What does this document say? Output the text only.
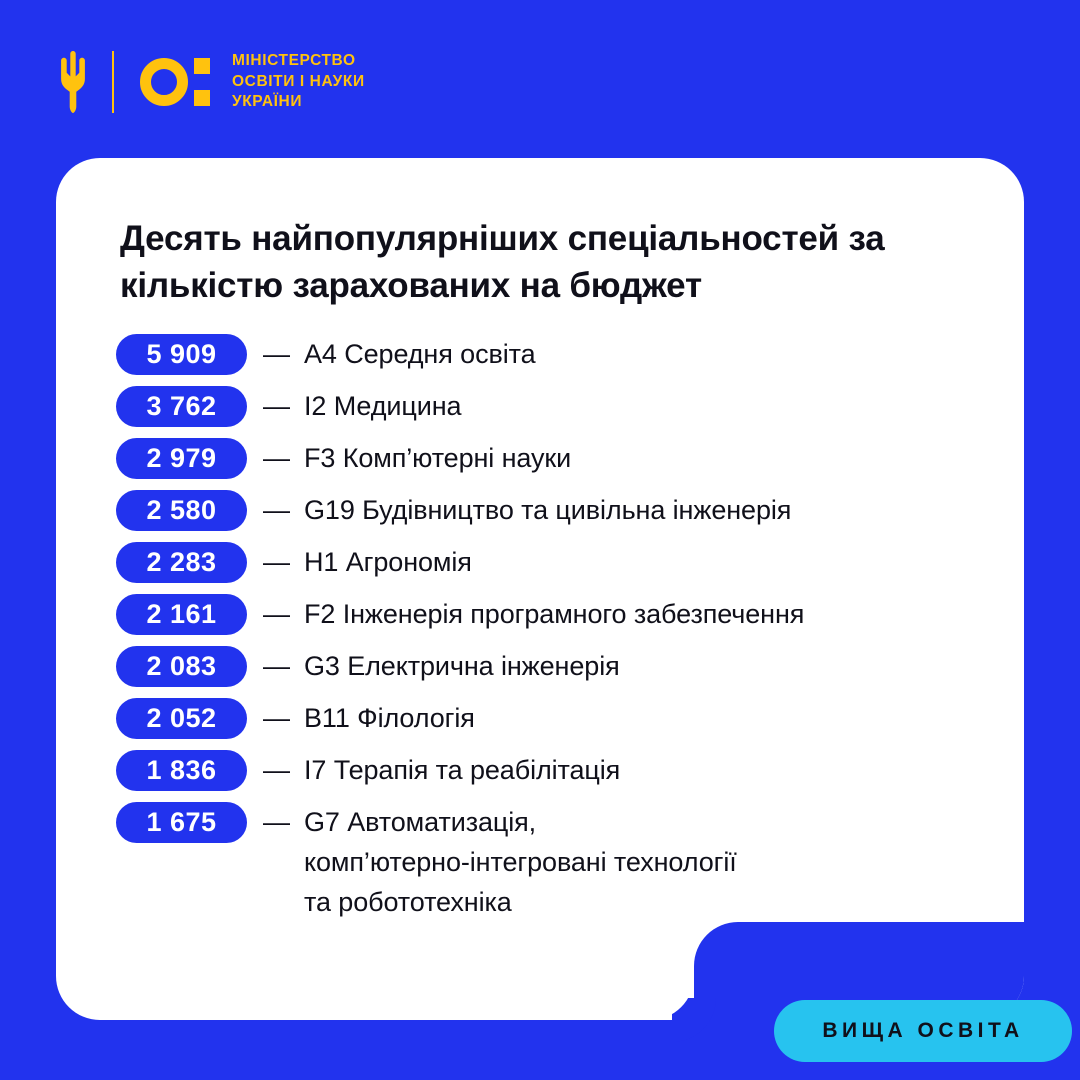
МІНІСТЕРСТВО
ОСВІТИ І НАУКИ
УКРАЇНИ
Десять найпопулярніших спеціальностей за кількістю зарахованих на бюджет
5 909	— A4 Середня освіта
3 762	— I2 Медицина
2 979	— F3 Комп’ютерні науки
2 580	— G19 Будівництво та цивільна інженерія
2 283	— H1 Агрономія
2 161	— F2 Інженерія програмного забезпечення
2 083	— G3 Електрична інженерія
2 052	— B11 Філологія
1 836	— I7 Терапія та реабілітація
1 675	— G7 Автоматизація,
комп’ютерно-інтегровані технології
та робототехніка
ВИЩА ОСВІТА
